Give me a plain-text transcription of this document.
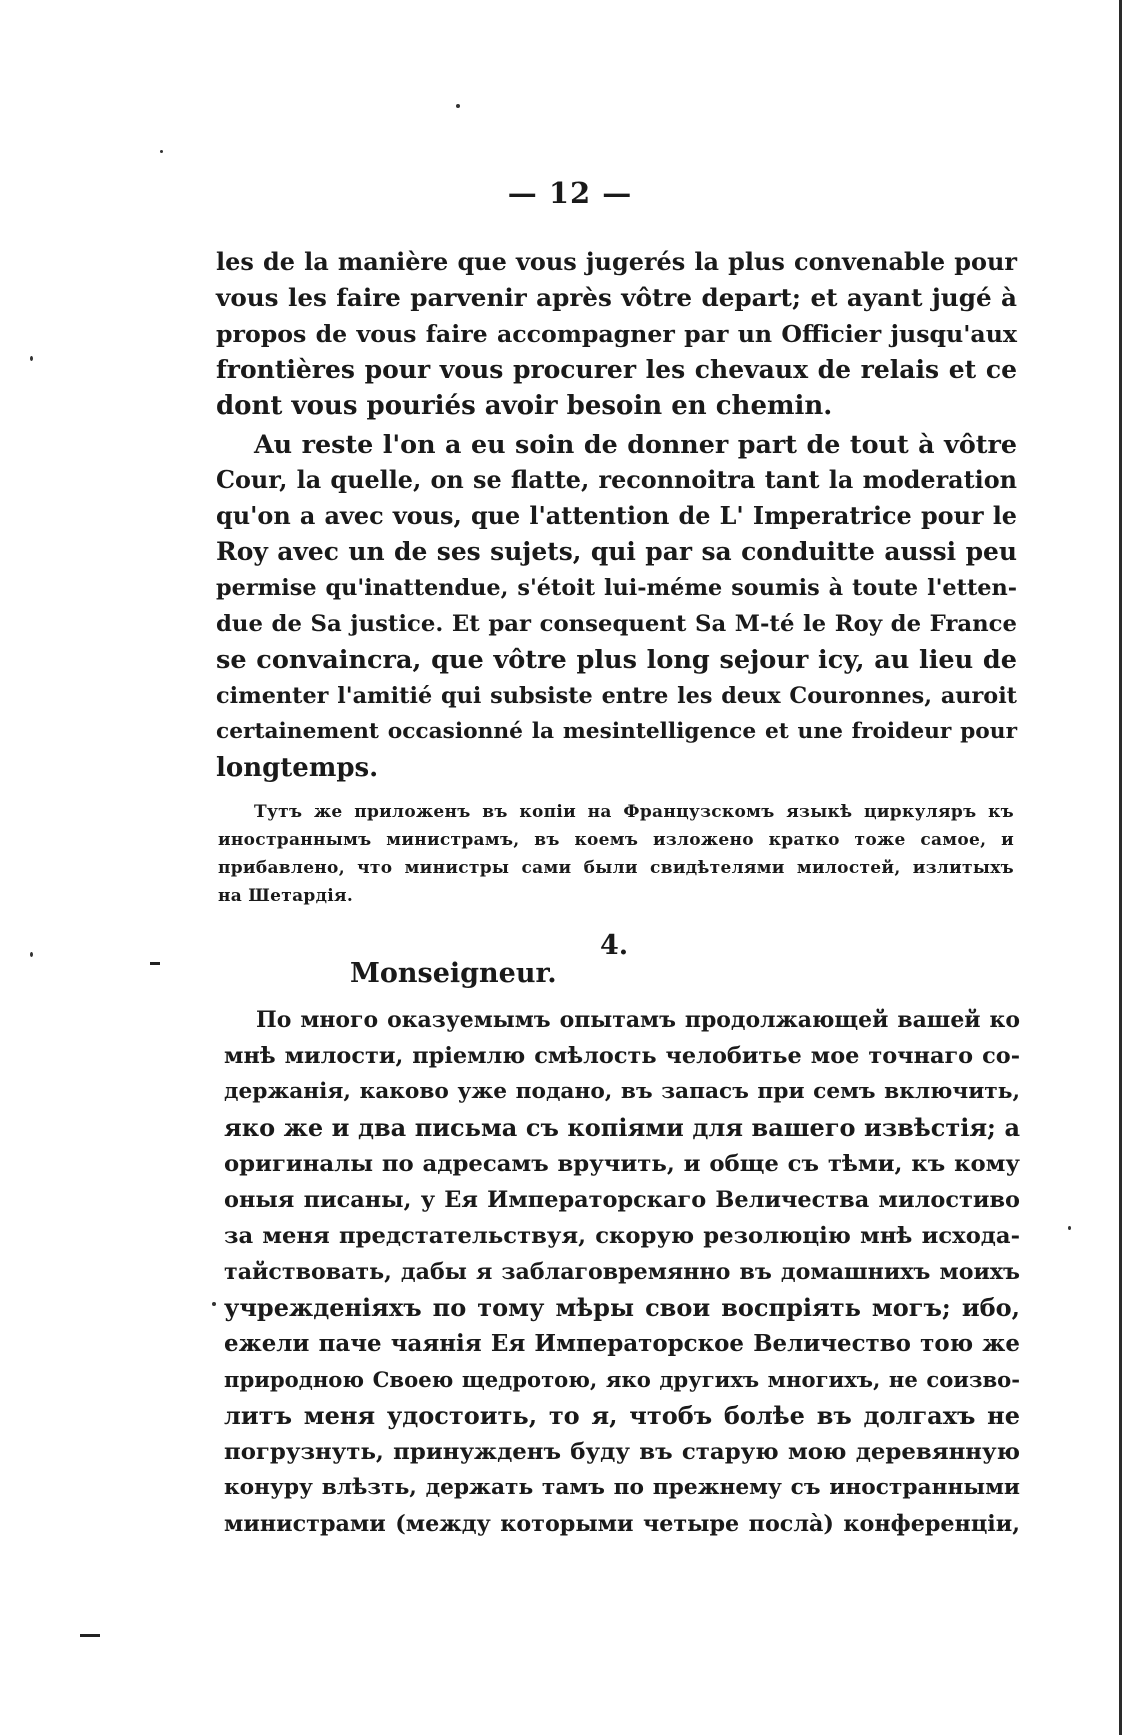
— 12 —
les de la manière que vous jugerés la plus convenable pour
vous les faire parvenir après vôtre depart; et ayant jugé à
propos de vous faire accompagner par un Officier jusqu'aux
frontières pour vous procurer les chevaux de relais et ce
dont vous pouriés avoir besoin en chemin.
Au reste l'on a eu soin de donner part de tout à vôtre
Cour, la quelle, on se flatte, reconnoitra tant la moderation
qu'on a avec vous, que l'attention de L' Imperatrice pour le
Roy avec un de ses sujets, qui par sa conduitte aussi peu
permise qu'inattendue, s'étoit lui-méme soumis à toute l'etten-
due de Sa justice. Et par consequent Sa M-té le Roy de France
se convaincra, que vôtre plus long sejour icy, au lieu de
cimenter l'amitié qui subsiste entre les deux Couronnes, auroit
certainement occasionné la mesintelligence et une froideur pour
longtemps.
Тутъ же приложенъ въ копіи на Французскомъ языкѣ циркуляръ къ
иностраннымъ министрамъ, въ коемъ изложено кратко тоже самое, и
прибавлено, что министры сами были свидѣтелями милостей, излитыхъ
на Шетардія.
4.
Monseigneur.
По много оказуемымъ опытамъ продолжающей вашей ко
мнѣ милости, пріемлю смѣлость челобитье мое точнаго со-
держанія, каково уже подано, въ запасъ при семъ включить,
яко же и два письма съ копіями для вашего извѣстія; а
оригиналы по адресамъ вручить, и обще съ тѣми, къ кому
оныя писаны, у Ея Императорскаго Величества милостиво
за меня предстательствуя, скорую резолюцію мнѣ исхода-
тайствовать, дабы я заблаговремянно въ домашнихъ моихъ
учрежденіяхъ по тому мѣры свои воспріять могъ; ибо,
ежели паче чаянія Ея Императорское Величество тою же
природною Своею щедротою, яко другихъ многихъ, не соизво-
литъ меня удостоить, то я, чтобъ болѣе въ долгахъ не
погрузнуть, принужденъ буду въ старую мою деревянную
конуру влѣзть, держать тамъ по прежнему съ иностранными
министрами (между которыми четыре послà) конференціи,
